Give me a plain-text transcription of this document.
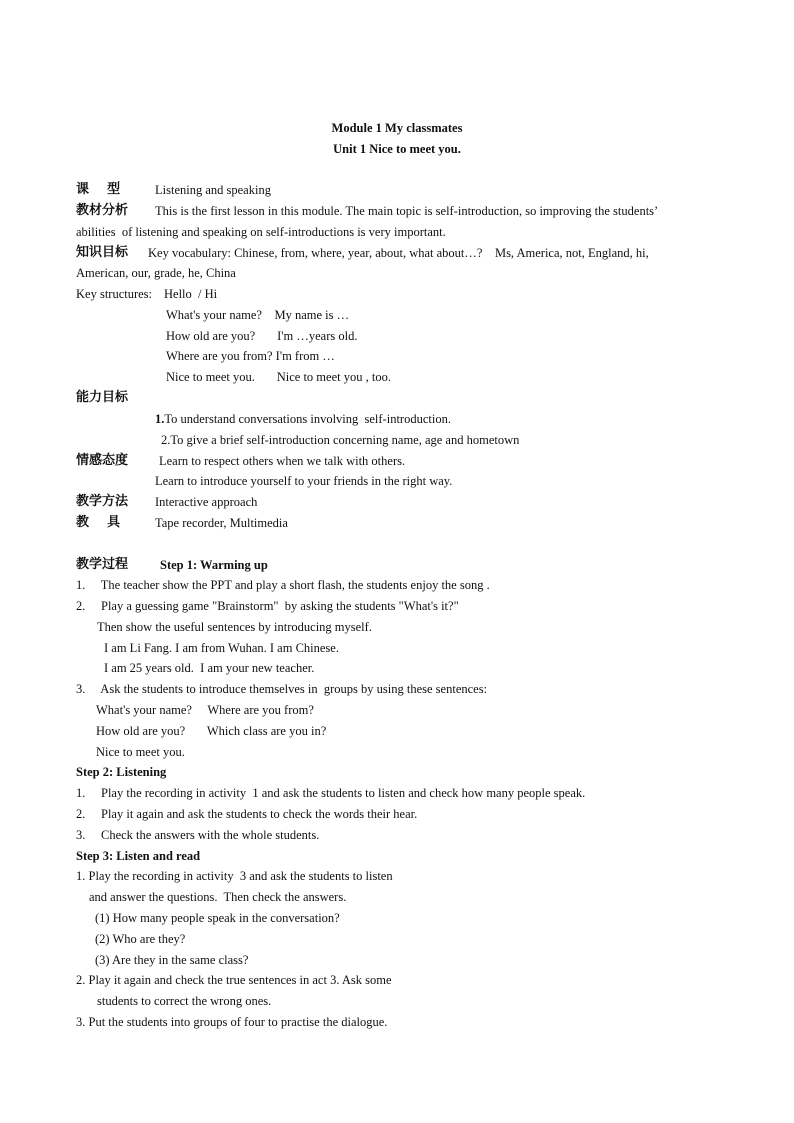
Module 1 My classmates
Unit 1 Nice to meet you.
课    型	Listening and speaking
教材分析 This is the first lesson in this module. The main topic is self-introduction, so improving the students’
abilities  of listening and speaking on self-introductions is very important.
知识目标 Key vocabulary: Chinese, from, where, year, about, what about…?    Ms, America, not, England, hi,
American, our, grade, he, China
Key structures: Hello  / Hi
What's your name?    My name is …
How old are you?       I'm …years old.
Where are you from? I'm from …
Nice to meet you.       Nice to meet you , too.
能力目标
1.To understand conversations involving  self-introduction.
2.To give a brief self-introduction concerning name, age and hometown
情感态度 Learn to respect others when we talk with others.
Learn to introduce yourself to your friends in the right way.
教学方法 Interactive approach
教    具	Tape recorder, Multimedia
教学过程	Step 1: Warming up
1.     The teacher show the PPT and play a short flash, the students enjoy the song .
2.     Play a guessing game "Brainstorm"  by asking the students "What's it?"
Then show the useful sentences by introducing myself.
I am Li Fang. I am from Wuhan. I am Chinese.
I am 25 years old.  I am your new teacher.
3.     Ask the students to introduce themselves in  groups by using these sentences:
What's your name?     Where are you from?
How old are you?       Which class are you in?
Nice to meet you.
Step 2: Listening
1.     Play the recording in activity  1 and ask the students to listen and check how many people speak.
2.     Play it again and ask the students to check the words their hear.
3.     Check the answers with the whole students.
Step 3: Listen and read
1. Play the recording in activity  3 and ask the students to listen
and answer the questions.  Then check the answers.
(1) How many people speak in the conversation?
(2) Who are they?
(3) Are they in the same class?
2. Play it again and check the true sentences in act 3. Ask some
students to correct the wrong ones.
3. Put the students into groups of four to practise the dialogue.
